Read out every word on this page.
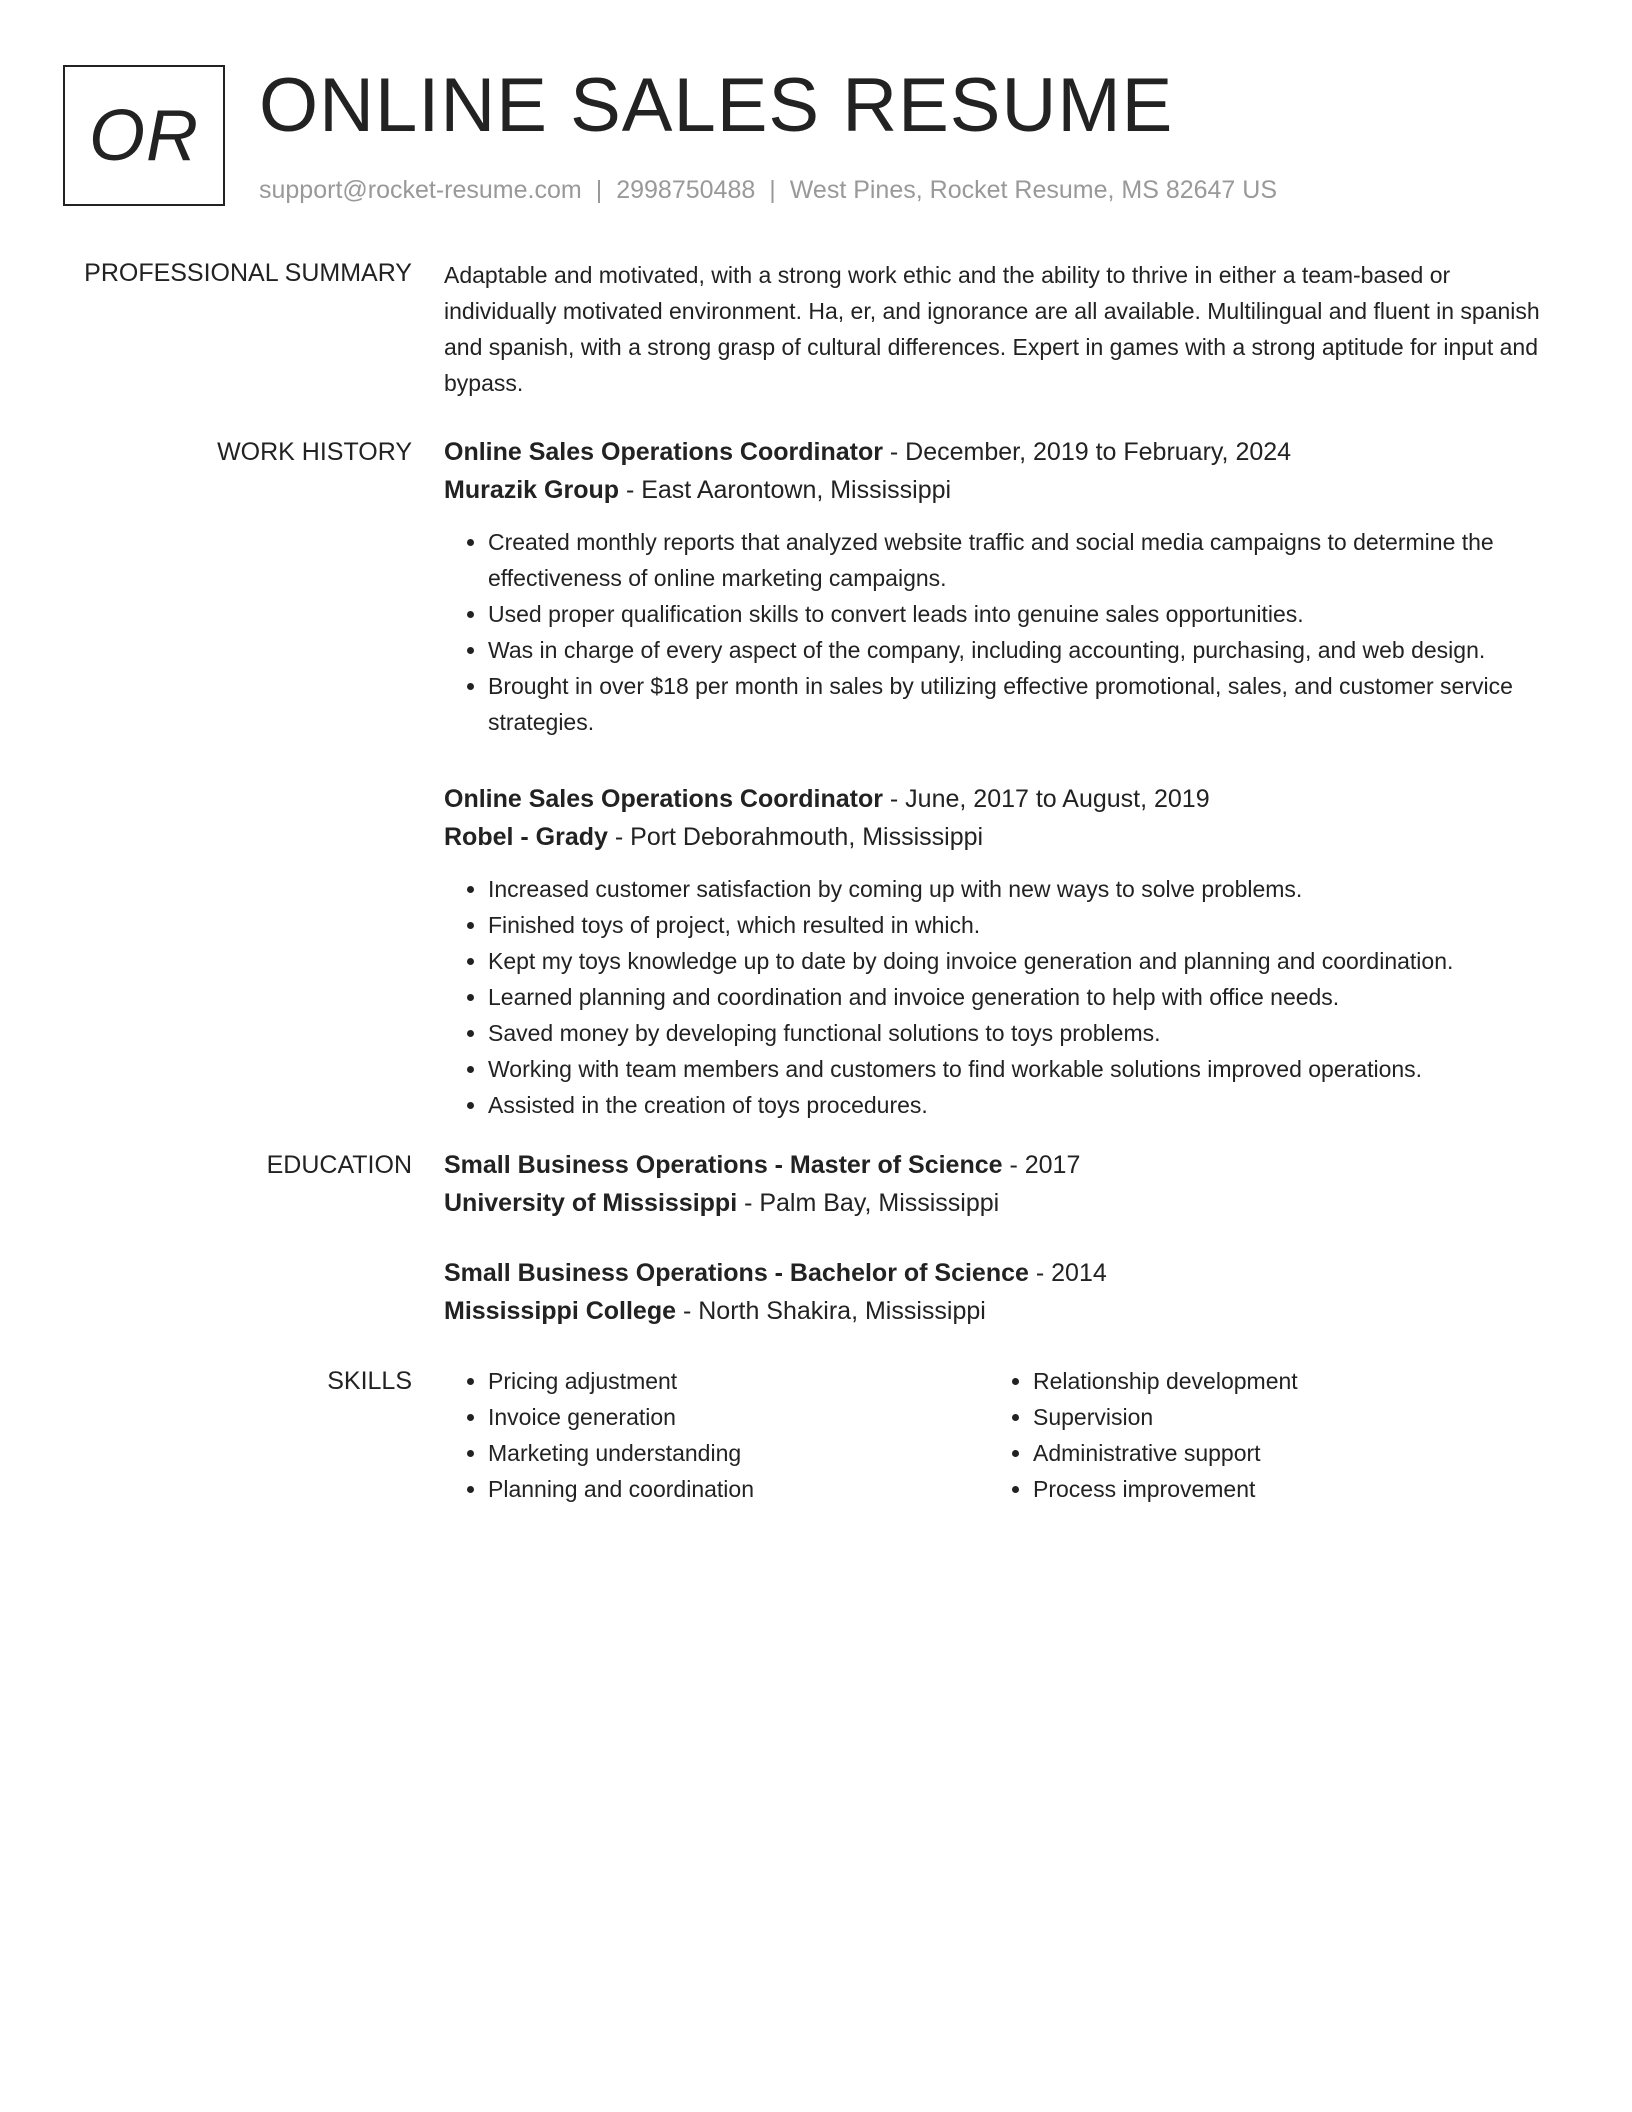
OR ONLINE SALES RESUME
support@rocket-resume.com | 2998750488 | West Pines, Rocket Resume, MS 82647 US
PROFESSIONAL SUMMARY Adaptable and motivated, with a strong work ethic and the ability to thrive in either a team-based or individually motivated environment. Ha, er, and ignorance are all available. Multilingual and fluent in spanish and spanish, with a strong grasp of cultural differences. Expert in games with a strong aptitude for input and bypass.

WORK HISTORY Online Sales Operations Coordinator - December, 2019 to February, 2024

Murazik Group - East Aarontown, Mississippi

• Created monthly reports that analyzed website traffic and social media campaigns to determine the effectiveness of online marketing campaigns.
• Used proper qualification skills to convert leads into genuine sales opportunities.
• Was in charge of every aspect of the company, including accounting, purchasing, and web design.
• Brought in over $18 per month in sales by utilizing effective promotional, sales, and customer service strategies.

Online Sales Operations Coordinator - June, 2017 to August, 2019

Robel - Grady - Port Deborahmouth, Mississippi

• Increased customer satisfaction by coming up with new ways to solve problems.
• Finished toys of project, which resulted in which.
• Kept my toys knowledge up to date by doing invoice generation and planning and coordination.
• Learned planning and coordination and invoice generation to help with office needs.
• Saved money by developing functional solutions to toys problems.
• Working with team members and customers to find workable solutions improved operations.
• Assisted in the creation of toys procedures.
EDUCATION Small Business Operations - Master of Science - 2017

University of Mississippi - Palm Bay, Mississippi

Small Business Operations - Bachelor of Science - 2014

Mississippi College - North Shakira, Mississippi

SKILLS
•	Pricing adjustment
• Invoice generation
• Marketing understanding
• Planning and coordination
• Relationship development
• Supervision
• Administrative support
• Process improvement
